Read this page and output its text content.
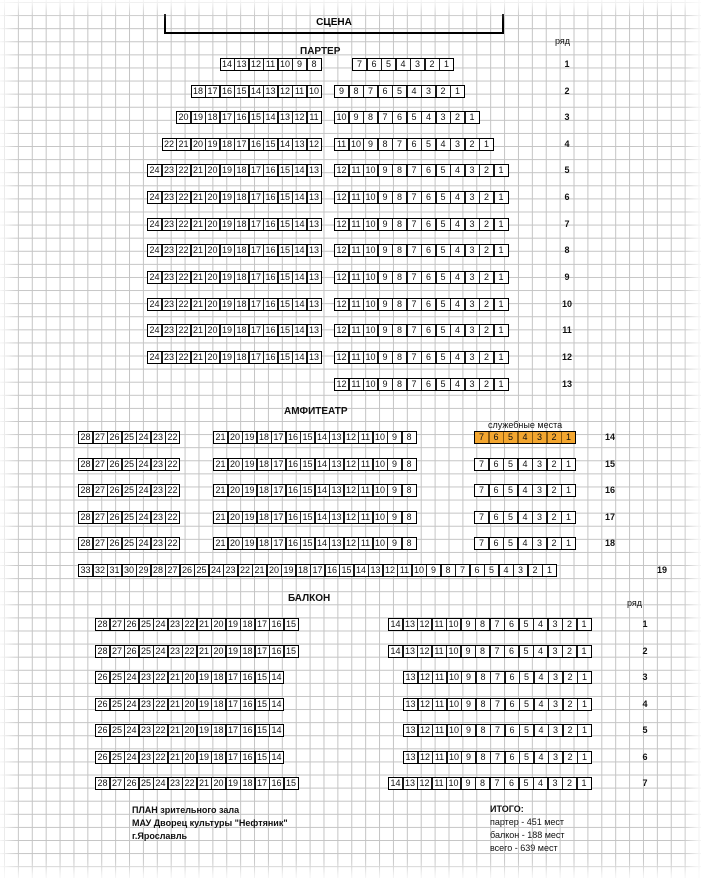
СЦЕНА
ряд
ПАРТЕР
АМФИТЕАТР
служебные места
БАЛКОН	ряд
14 13 12 11 10 9	8	7	6	5	4	3	2	1	1
18 17 16 15 14 13 12 11 10	9	8	7	6	5	4	3	2	1	2
20 19 18 17 16 15 14 13 12 11	10 9	8	7	6	5	4	3	2	1	3
22 21 20 19 18 17 16 15 14 13 12	11 10 9	8	7	6	5	4	3	2	1	4
24 23 22 21 20 19 18 17 16 15 14 13 12 11 10 9	8	7	6	5	4	3	2	1	5
24 23 22 21 20 19 18 17 16 15 14 13 12 11 10 9	8	7	6	5	4	3	2	1	6
24 23 22 21 20 19 18 17 16 15 14 13 12 11 10 9	8	7	6	5	4	3	2	1	7
24 23 22 21 20 19 18 17 16 15 14 13 12 11 10 9	8	7	6	5	4	3	2	1	8
24 23 22 21 20 19 18 17 16 15 14 13 12 11 10 9	8	7	6	5	4	3	2	1	9
24 23 22 21 20 19 18 17 16 15 14 13 12 11 10 9	8	7	6	5	4	3	2	1	10
24 23 22 21 20 19 18 17 16 15 14 13 12 11 10 9	8	7	6	5	4	3	2	1	11
24 23 22 21 20 19 18 17 16 15 14 13 12 11 10 9	8	7	6	5	4	3	2	1	12
12 11 10 9	8	7	6	5	4	3	2	1	13
28 27 26 25 24 23 22	21 20 19 18 17 16 15 14 13 12 11 10 9	8	7	6	5	4	3	2	1	14
28 27 26 25 24 23 22	21 20 19 18 17 16 15 14 13 12 11 10 9	8	7	6	5	4	3	2	1	15
28 27 26 25 24 23 22	21 20 19 18 17 16 15 14 13 12 11 10 9	8	7	6	5	4	3	2	1	16
28 27 26 25 24 23 22	21 20 19 18 17 16 15 14 13 12 11 10 9	8	7	6	5	4	3	2	1	17
28 27 26 25 24 23 22	21 20 19 18 17 16 15 14 13 12 11 10 9	8	7	6	5	4	3	2	1	18
33 32 31 30 29 28 27 26 25 24 23 22 21 20 19 18 17 16 15 14 13 12 11 10 9	8	7	6	5	4	3	2	1	19
28 27 26 25 24 23 22 21 20 19 18 17 16 15	14 13 12 11 10 9	8	7	6	5	4	3	2	1	1
28 27 26 25 24 23 22 21 20 19 18 17 16 15	14 13 12 11 10 9	8	7	6	5	4	3	2	1	2
26 25 24 23 22 21 20 19 18 17 16 15 14	13 12 11 10 9	8	7	6	5	4	3	2	1	3
26 25 24 23 22 21 20 19 18 17 16 15 14	13 12 11 10 9	8	7	6	5	4	3	2	1	4
26 25 24 23 22 21 20 19 18 17 16 15 14	13 12 11 10 9	8	7	6	5	4	3	2	1	5
26 25 24 23 22 21 20 19 18 17 16 15 14	13 12 11 10 9	8	7	6	5	4	3	2	1	6
28 27 26 25 24 23 22 21 20 19 18 17 16 15	14 13 12 11 10 9	8	7	6	5	4	3	2	1	7
ПЛАН зрительного зала
МАУ Дворец культуры "Нефтяник"
г.Ярославль
ИТОГО:
партер - 451 мест
балкон - 188 мест
всего - 639 мест
